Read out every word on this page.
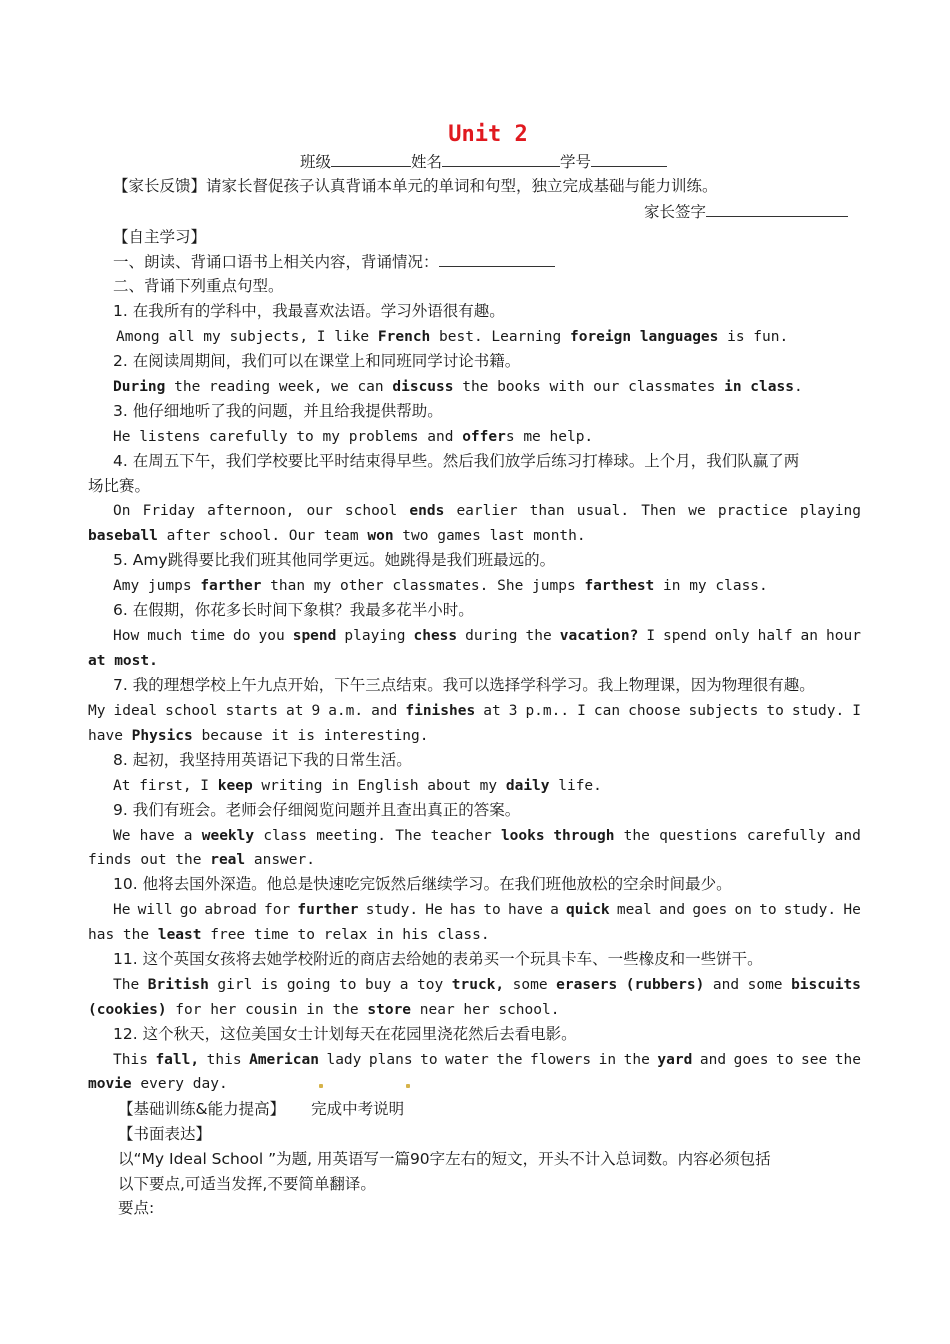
Unit 2
班级	姓名	学号
【家长反馈】请家长督促孩子认真背诵本单元的单词和句型，独立完成基础与能力训练。
家长签字
【自主学习】
一、朗读、背诵口语书上相关内容，背诵情况：
二、背诵下列重点句型。
1. 在我所有的学科中，我最喜欢法语。学习外语很有趣。
Among all my subjects, I like French best. Learning foreign languages is fun.
2. 在阅读周期间，我们可以在课堂上和同班同学讨论书籍。
During the reading week, we can discuss the books with our classmates in class.
3. 他仔细地听了我的问题，并且给我提供帮助。
He listens carefully to my problems and offers me help.
4. 在周五下午，我们学校要比平时结束得早些。然后我们放学后练习打棒球。上个月，我们队赢了两
场比赛。
On Friday afternoon, our school ends earlier than usual. Then we practice playing
baseball after school. Our team won two games last month.
5. Amy跳得要比我们班其他同学更远。她跳得是我们班最远的。
Amy jumps farther than my other classmates. She jumps farthest in my class.
6. 在假期，你花多长时间下象棋？我最多花半小时。
How much time do you spend playing chess during the vacation? I spend only half an hour
at most.
7. 我的理想学校上午九点开始，下午三点结束。我可以选择学科学习。我上物理课，因为物理很有趣。
My ideal school starts at 9 a.m. and finishes at 3 p.m.. I can choose subjects to study. I
have Physics because it is interesting.
8. 起初，我坚持用英语记下我的日常生活。
At first, I keep writing in English about my daily life.
9. 我们有班会。老师会仔细阅览问题并且查出真正的答案。
We have a weekly class meeting. The teacher looks through the questions carefully and
finds out the real answer.
10. 他将去国外深造。他总是快速吃完饭然后继续学习。在我们班他放松的空余时间最少。
He will go abroad for further study. He has to have a quick meal and goes on to study. He
has the least free time to relax in his class.
11. 这个英国女孩将去她学校附近的商店去给她的表弟买一个玩具卡车、一些橡皮和一些饼干。
The British girl is going to buy a toy truck, some erasers (rubbers) and some biscuits
(cookies) for her cousin in the store near her school.
12. 这个秋天，这位美国女士计划每天在花园里浇花然后去看电影。
This fall, this American lady plans to water the flowers in the yard and goes to see the
movie every day.
【基础训练&能力提高】 完成中考说明
【书面表达】
以“My Ideal School ”为题, 用英语写一篇90字左右的短文，开头不计入总词数。内容必须包括
以下要点,可适当发挥,不要简单翻译。
要点:
